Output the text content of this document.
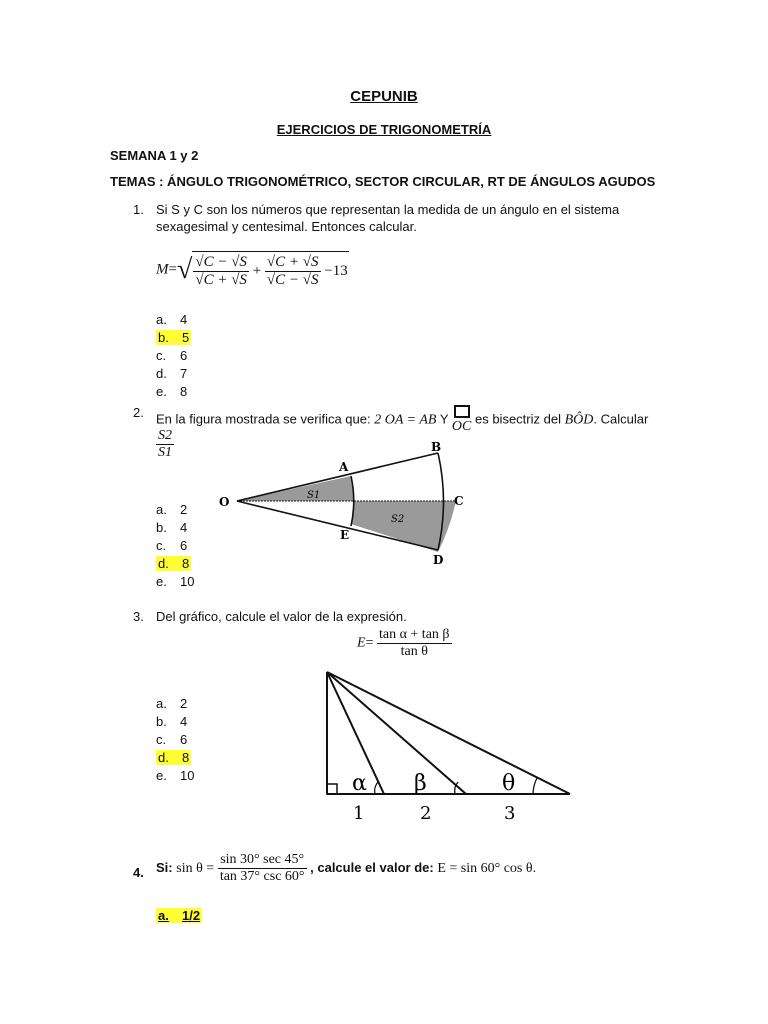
CEPUNIB
EJERCICIOS DE TRIGONOMETRÍA
SEMANA 1 y 2
TEMAS : ÁNGULO TRIGONOMÉTRICO, SECTOR CIRCULAR, RT DE ÁNGULOS AGUDOS
1. Si S y C son los números que representan la medida de un ángulo en el sistema
sexagesimal y centesimal. Entonces calcular.
$M=√ \frac{√C - √S}{√C + √S} + \frac{√C + √S}{√C - √S} -13$
a. 4
b. 5
c. 6
d. 7
e. 8
2. En la figura mostrada se verifica que: 2 OA = AB Y
OC es bisectriz del BÔD. Calcular
$\frac{S2}{S1}$
O
A
B
C
D
E
S1
S2
a. 2
b. 4
c. 6
d. 8
e. 10
3. Del gráfico, calcule el valor de la expresión.
$E= \frac{\text{tan α + tan β}}{\text{tan θ}}$
α β	θ
1	2	3
a. 2
b. 4
c. 6
d. 8
e. 10
4. Si: $\sin \theta = \frac{\sin 30^\circ \sec 45^\circ}{\tan 37^\circ \csc 60^\circ}$ , calcule el valor de: E = sin 60° cos θ.
a. 1/2
